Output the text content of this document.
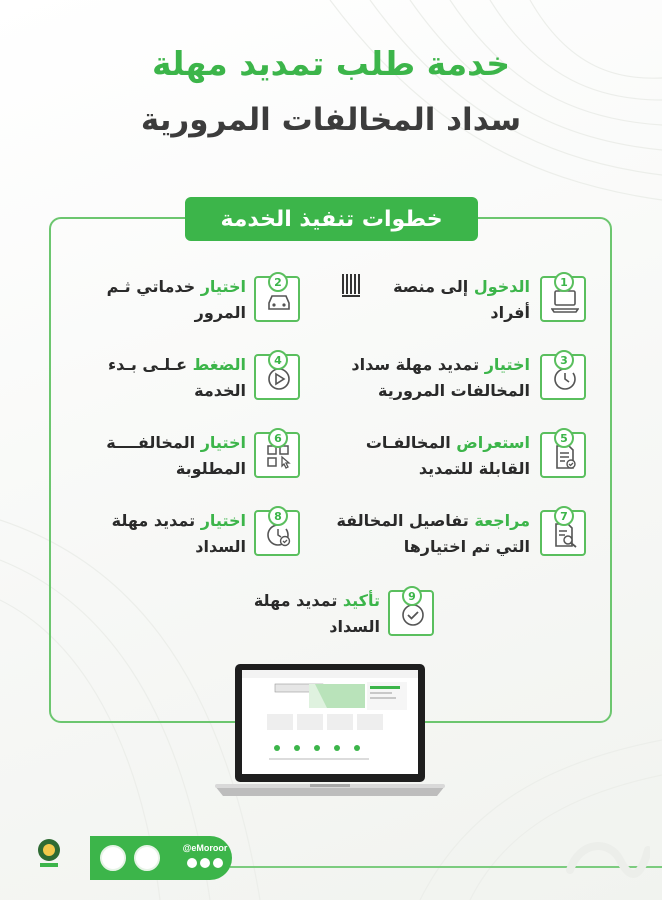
خدمة طلب تمديد مهلة
سداد المخالفات المرورية
خطوات تنفيذ الخدمة
1
الدخول إلى منصة
أفراد
2
اختيار خدماتي ثـم
المرور
3
اختيار تمديد مهلة سداد
المخالفات المرورية
4
الضغط عـلـى بـدء
الخدمة
5
استعراض المخالفـات
القابلة للتمديد
6
اختيار المخالفــــة
المطلوبة
7
مراجعة تفاصيل المخالفة
التي تم اختيارها
8
اختيار تمديد مهلة
السداد
9
تأكيد تمديد مهلة
السداد
@eMoroor
